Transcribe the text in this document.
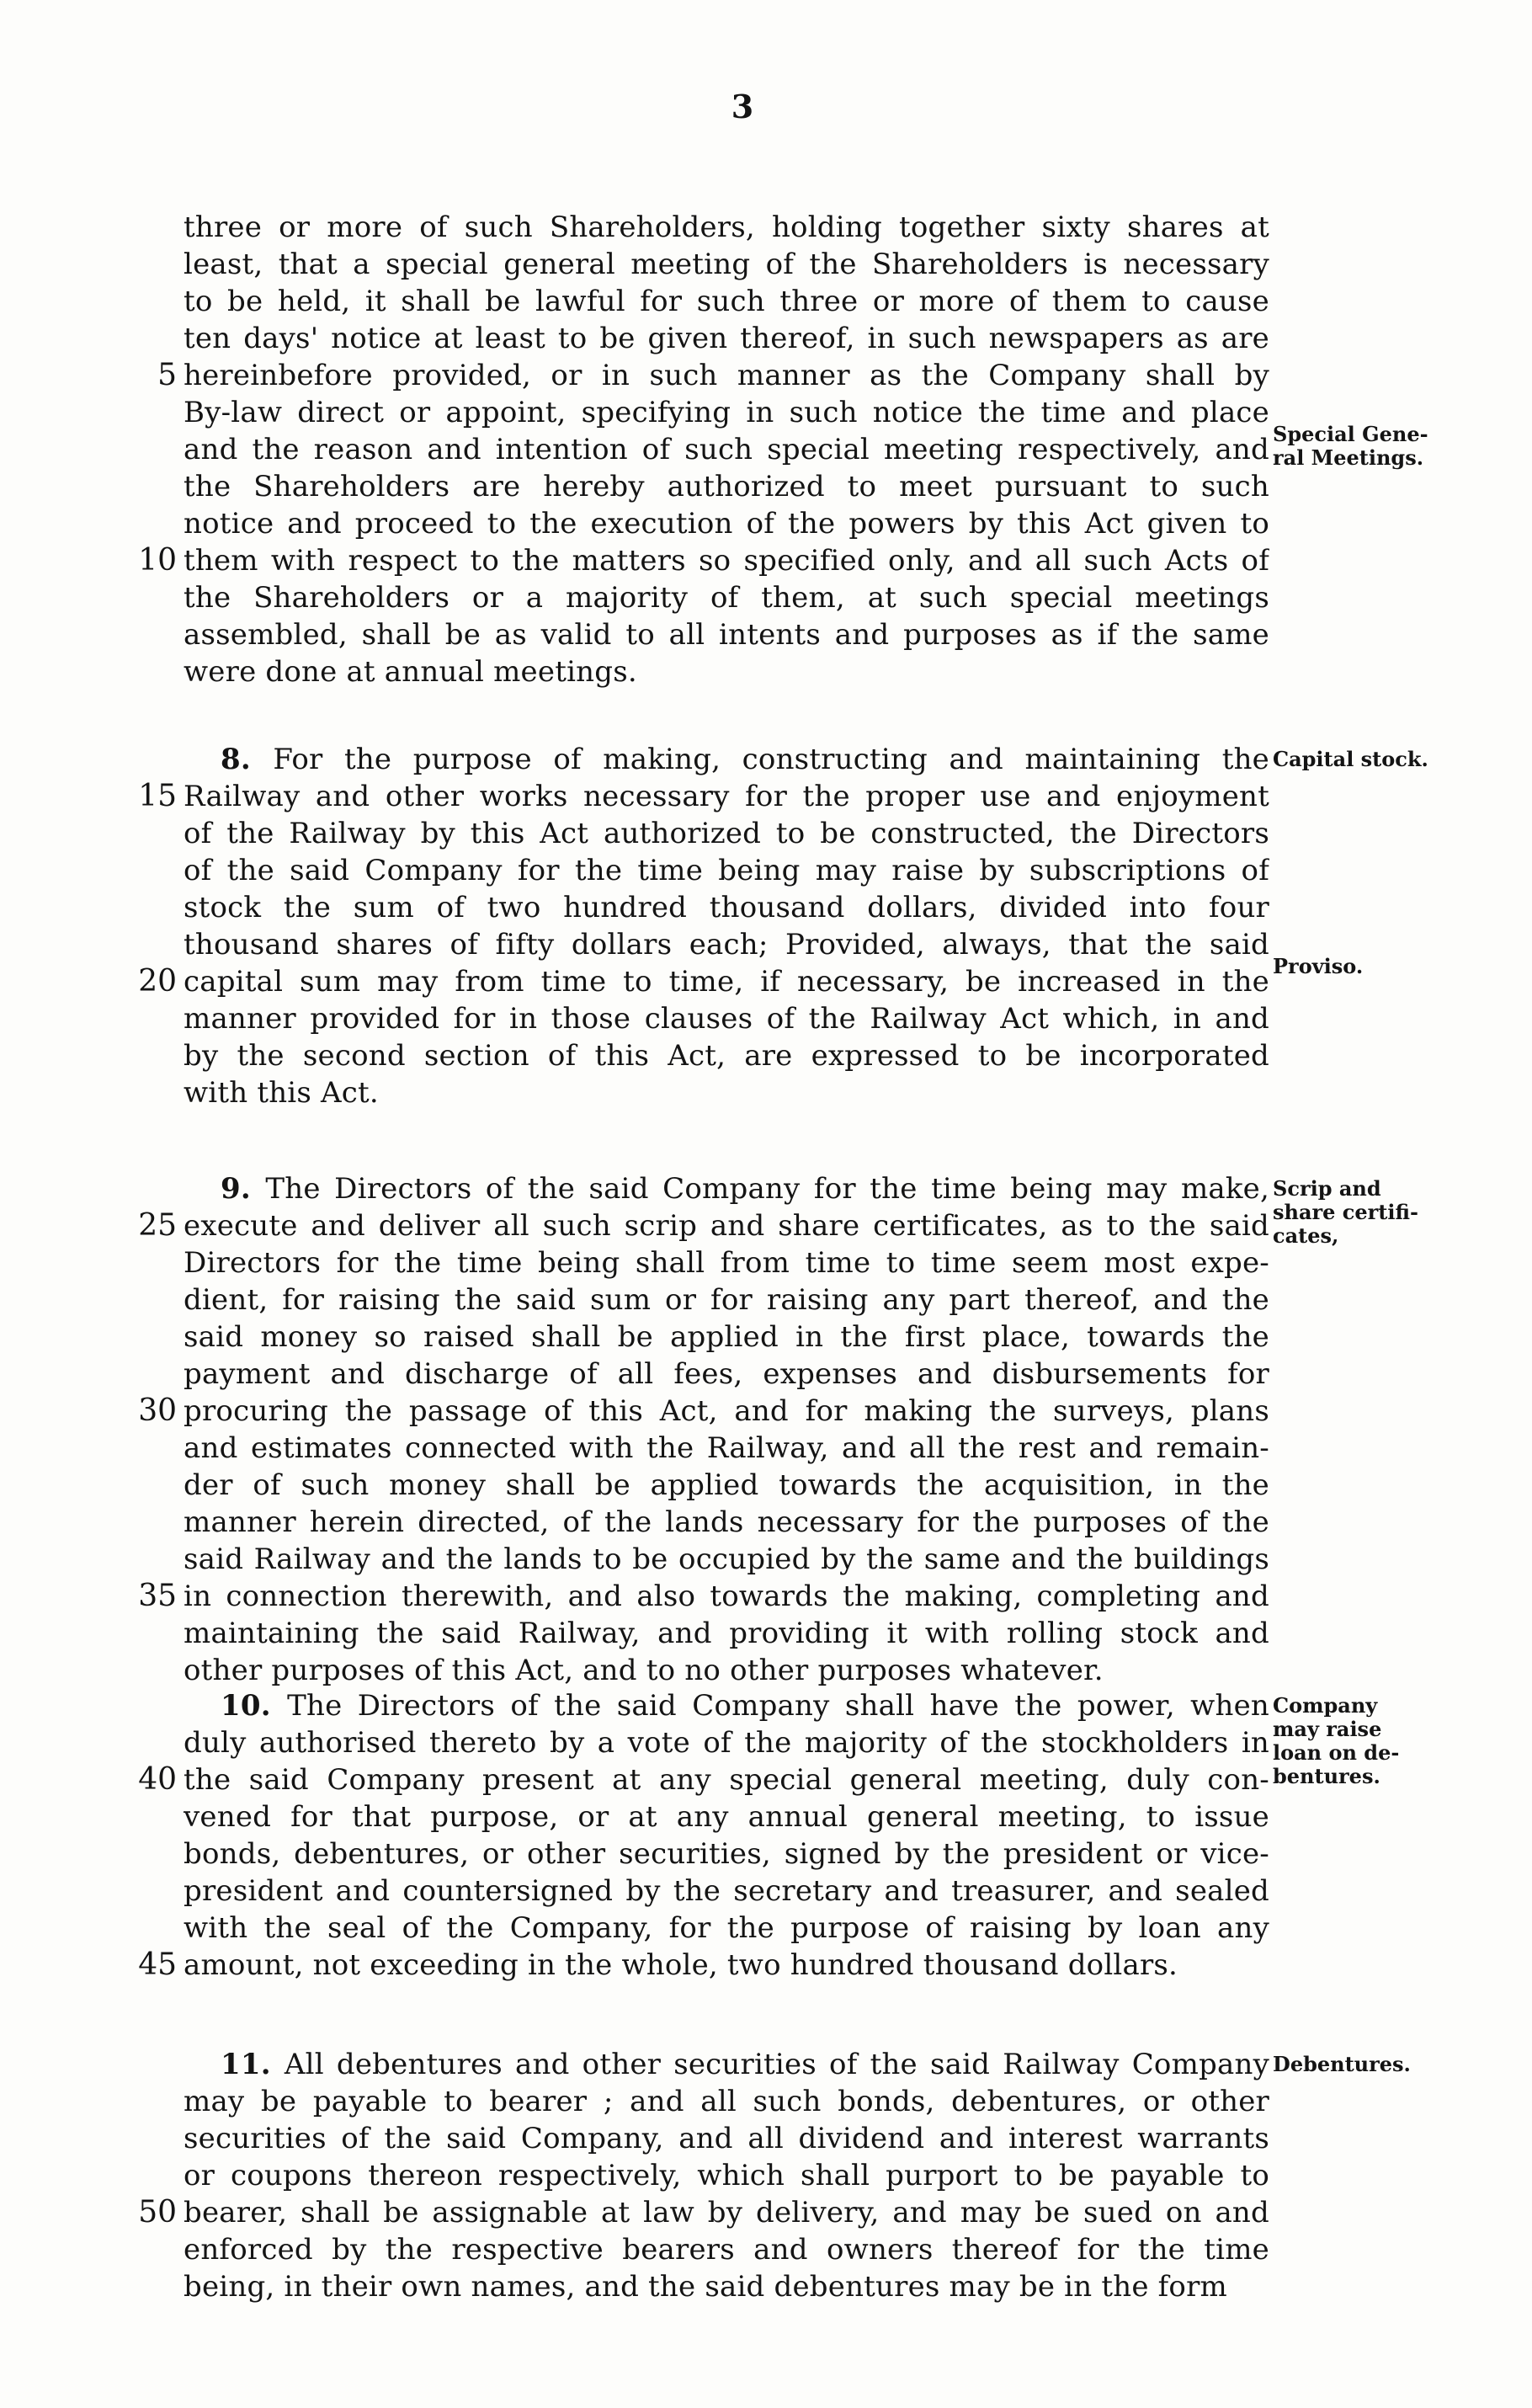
3
three or more of such Shareholders, holding together sixty shares at
least, that a special general meeting of the Shareholders is necessary
to be held, it shall be lawful for such three or more of them to cause
ten days' notice at least to be given thereof, in such newspapers as are
hereinbefore provided, or in such manner as the Company shall by
5
By-law direct or appoint, specifying in such notice the time and place
and the reason and intention of such special meeting respectively, and
the Shareholders are hereby authorized to meet pursuant to such
notice and proceed to the execution of the powers by this Act given to
them with respect to the matters so specified only, and all such Acts of
10
the Shareholders or a majority of them, at such special meetings
assembled, shall be as valid to all intents and purposes as if the same
were done at annual meetings.
Special Gene-
ral Meetings.
8. For the purpose of making, constructing and maintaining the
Railway and other works necessary for the proper use and enjoyment
15
of the Railway by this Act authorized to be constructed, the Directors
of the said Company for the time being may raise by subscriptions of
stock the sum of two hundred thousand dollars, divided into four
thousand shares of fifty dollars each; Provided, always, that the said
capital sum may from time to time, if necessary, be increased in the
20
manner provided for in those clauses of the Railway Act which, in and
by the second section of this Act, are expressed to be incorporated
with this Act.
Capital stock.
Proviso.
9. The Directors of the said Company for the time being may make,
execute and deliver all such scrip and share certificates, as to the said
25
Directors for the time being shall from time to time seem most expe-
dient, for raising the said sum or for raising any part thereof, and the
said money so raised shall be applied in the first place, towards the
payment and discharge of all fees, expenses and disbursements for
procuring the passage of this Act, and for making the surveys, plans
30
and estimates connected with the Railway, and all the rest and remain-
der of such money shall be applied towards the acquisition, in the
manner herein directed, of the lands necessary for the purposes of the
said Railway and the lands to be occupied by the same and the buildings
in connection therewith, and also towards the making, completing and
35
maintaining the said Railway, and providing it with rolling stock and
other purposes of this Act, and to no other purposes whatever.
Scrip and
share certifi-
cates,
10. The Directors of the said Company shall have the power, when
duly authorised thereto by a vote of the majority of the stockholders in
the said Company present at any special general meeting, duly con-
40
vened for that purpose, or at any annual general meeting, to issue
bonds, debentures, or other securities, signed by the president or vice-
president and countersigned by the secretary and treasurer, and sealed
with the seal of the Company, for the purpose of raising by loan any
amount, not exceeding in the whole, two hundred thousand dollars.
45
Company
may raise
loan on de-
bentures.
11. All debentures and other securities of the said Railway Company
may be payable to bearer ; and all such bonds, debentures, or other
securities of the said Company, and all dividend and interest warrants
or coupons thereon respectively, which shall purport to be payable to
bearer, shall be assignable at law by delivery, and may be sued on and
50
enforced by the respective bearers and owners thereof for the time
being, in their own names, and the said debentures may be in the form
Debentures.
